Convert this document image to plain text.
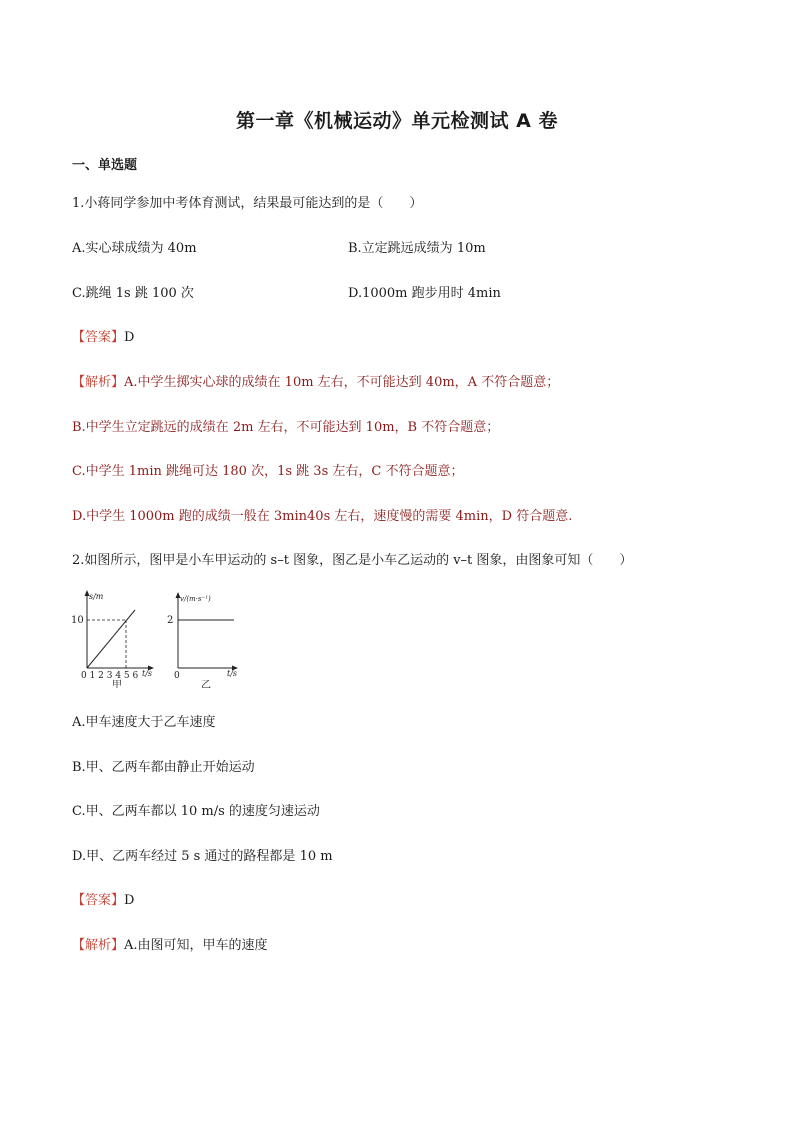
第一章《机械运动》单元检测试 A 卷
一、单选题
1.小蒋同学参加中考体育测试，结果最可能达到的是（　　）
A.实心球成绩为 40m	B.立定跳远成绩为 10m
C.跳绳 1s 跳 100 次	D.1000m 跑步用时 4min
【答案】D
【解析】A.中学生掷实心球的成绩在 10m 左右，不可能达到 40m，A 不符合题意；
B.中学生立定跳远的成绩在 2m 左右，不可能达到 10m，B 不符合题意；
C.中学生 1min 跳绳可达 180 次，1s 跳 3s 左右，C 不符合题意；
D.中学生 1000m 跑的成绩一般在 3min40s 左右，速度慢的需要 4min，D 符合题意.
2.如图所示，图甲是小车甲运动的 s–t 图象，图乙是小车乙运动的 v–t 图象，由图象可知（　　）
s/m
10
0 1 2 3 4 5 6 t/s
甲
v/(m·s⁻¹)
2
0	t/s
乙
A.甲车速度大于乙车速度
B.甲、乙两车都由静止开始运动
C.甲、乙两车都以 10 m/s 的速度匀速运动
D.甲、乙两车经过 5 s 通过的路程都是 10 m
【答案】D
【解析】A.由图可知，甲车的速度
